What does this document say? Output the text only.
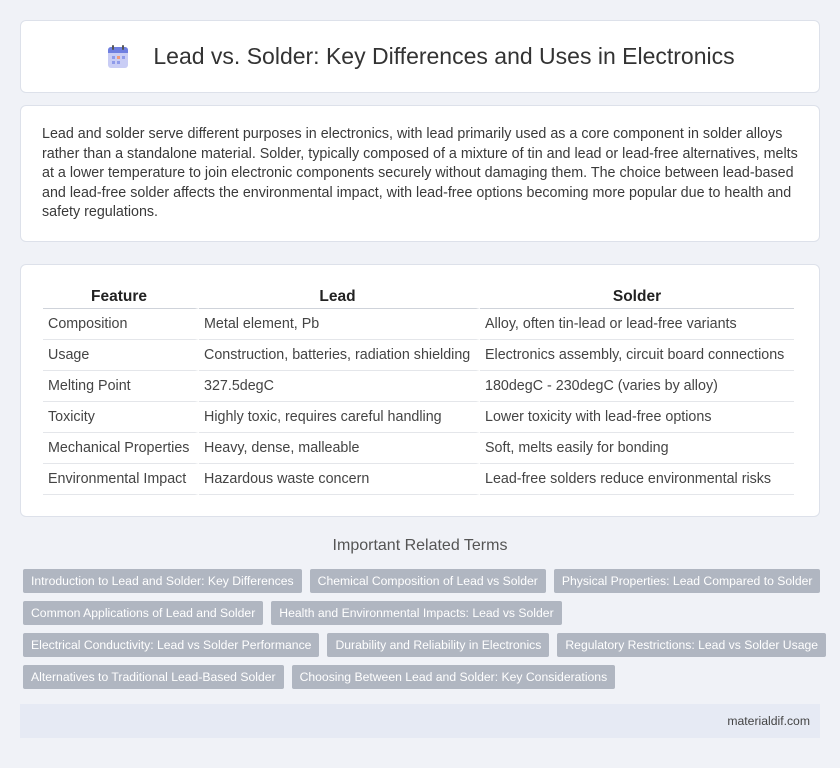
Lead vs. Solder: Key Differences and Uses in Electronics

Lead and solder serve different purposes in electronics, with lead primarily used as a core component in solder alloys rather than a standalone material. Solder, typically composed of a mixture of tin and lead or lead-free alternatives, melts at a lower temperature to join electronic components securely without damaging them. The choice between lead-based and lead-free solder affects the environmental impact, with lead-free options becoming more popular due to health and safety regulations.

Feature	Lead	Solder
Composition	Metal element, Pb	Alloy, often tin-lead or lead-free variants
Usage	Construction, batteries, radiation shielding	Electronics assembly, circuit board connections
Melting Point	327.5degC	180degC - 230degC (varies by alloy)
Toxicity	Highly toxic, requires careful handling	Lower toxicity with lead-free options
Mechanical Properties	Heavy, dense, malleable	Soft, melts easily for bonding
Environmental Impact	Hazardous waste concern	Lead-free solders reduce environmental risks
Important Related Terms
Introduction to Lead and Solder: Key Differences	Chemical Composition of Lead vs Solder	Physical Properties: Lead Compared to Solder
Common Applications of Lead and Solder	Health and Environmental Impacts: Lead vs Solder
Electrical Conductivity: Lead vs Solder Performance	Durability and Reliability in Electronics	Regulatory Restrictions: Lead vs Solder Usage
Alternatives to Traditional Lead-Based Solder	Choosing Between Lead and Solder: Key Considerations
materialdif.com
